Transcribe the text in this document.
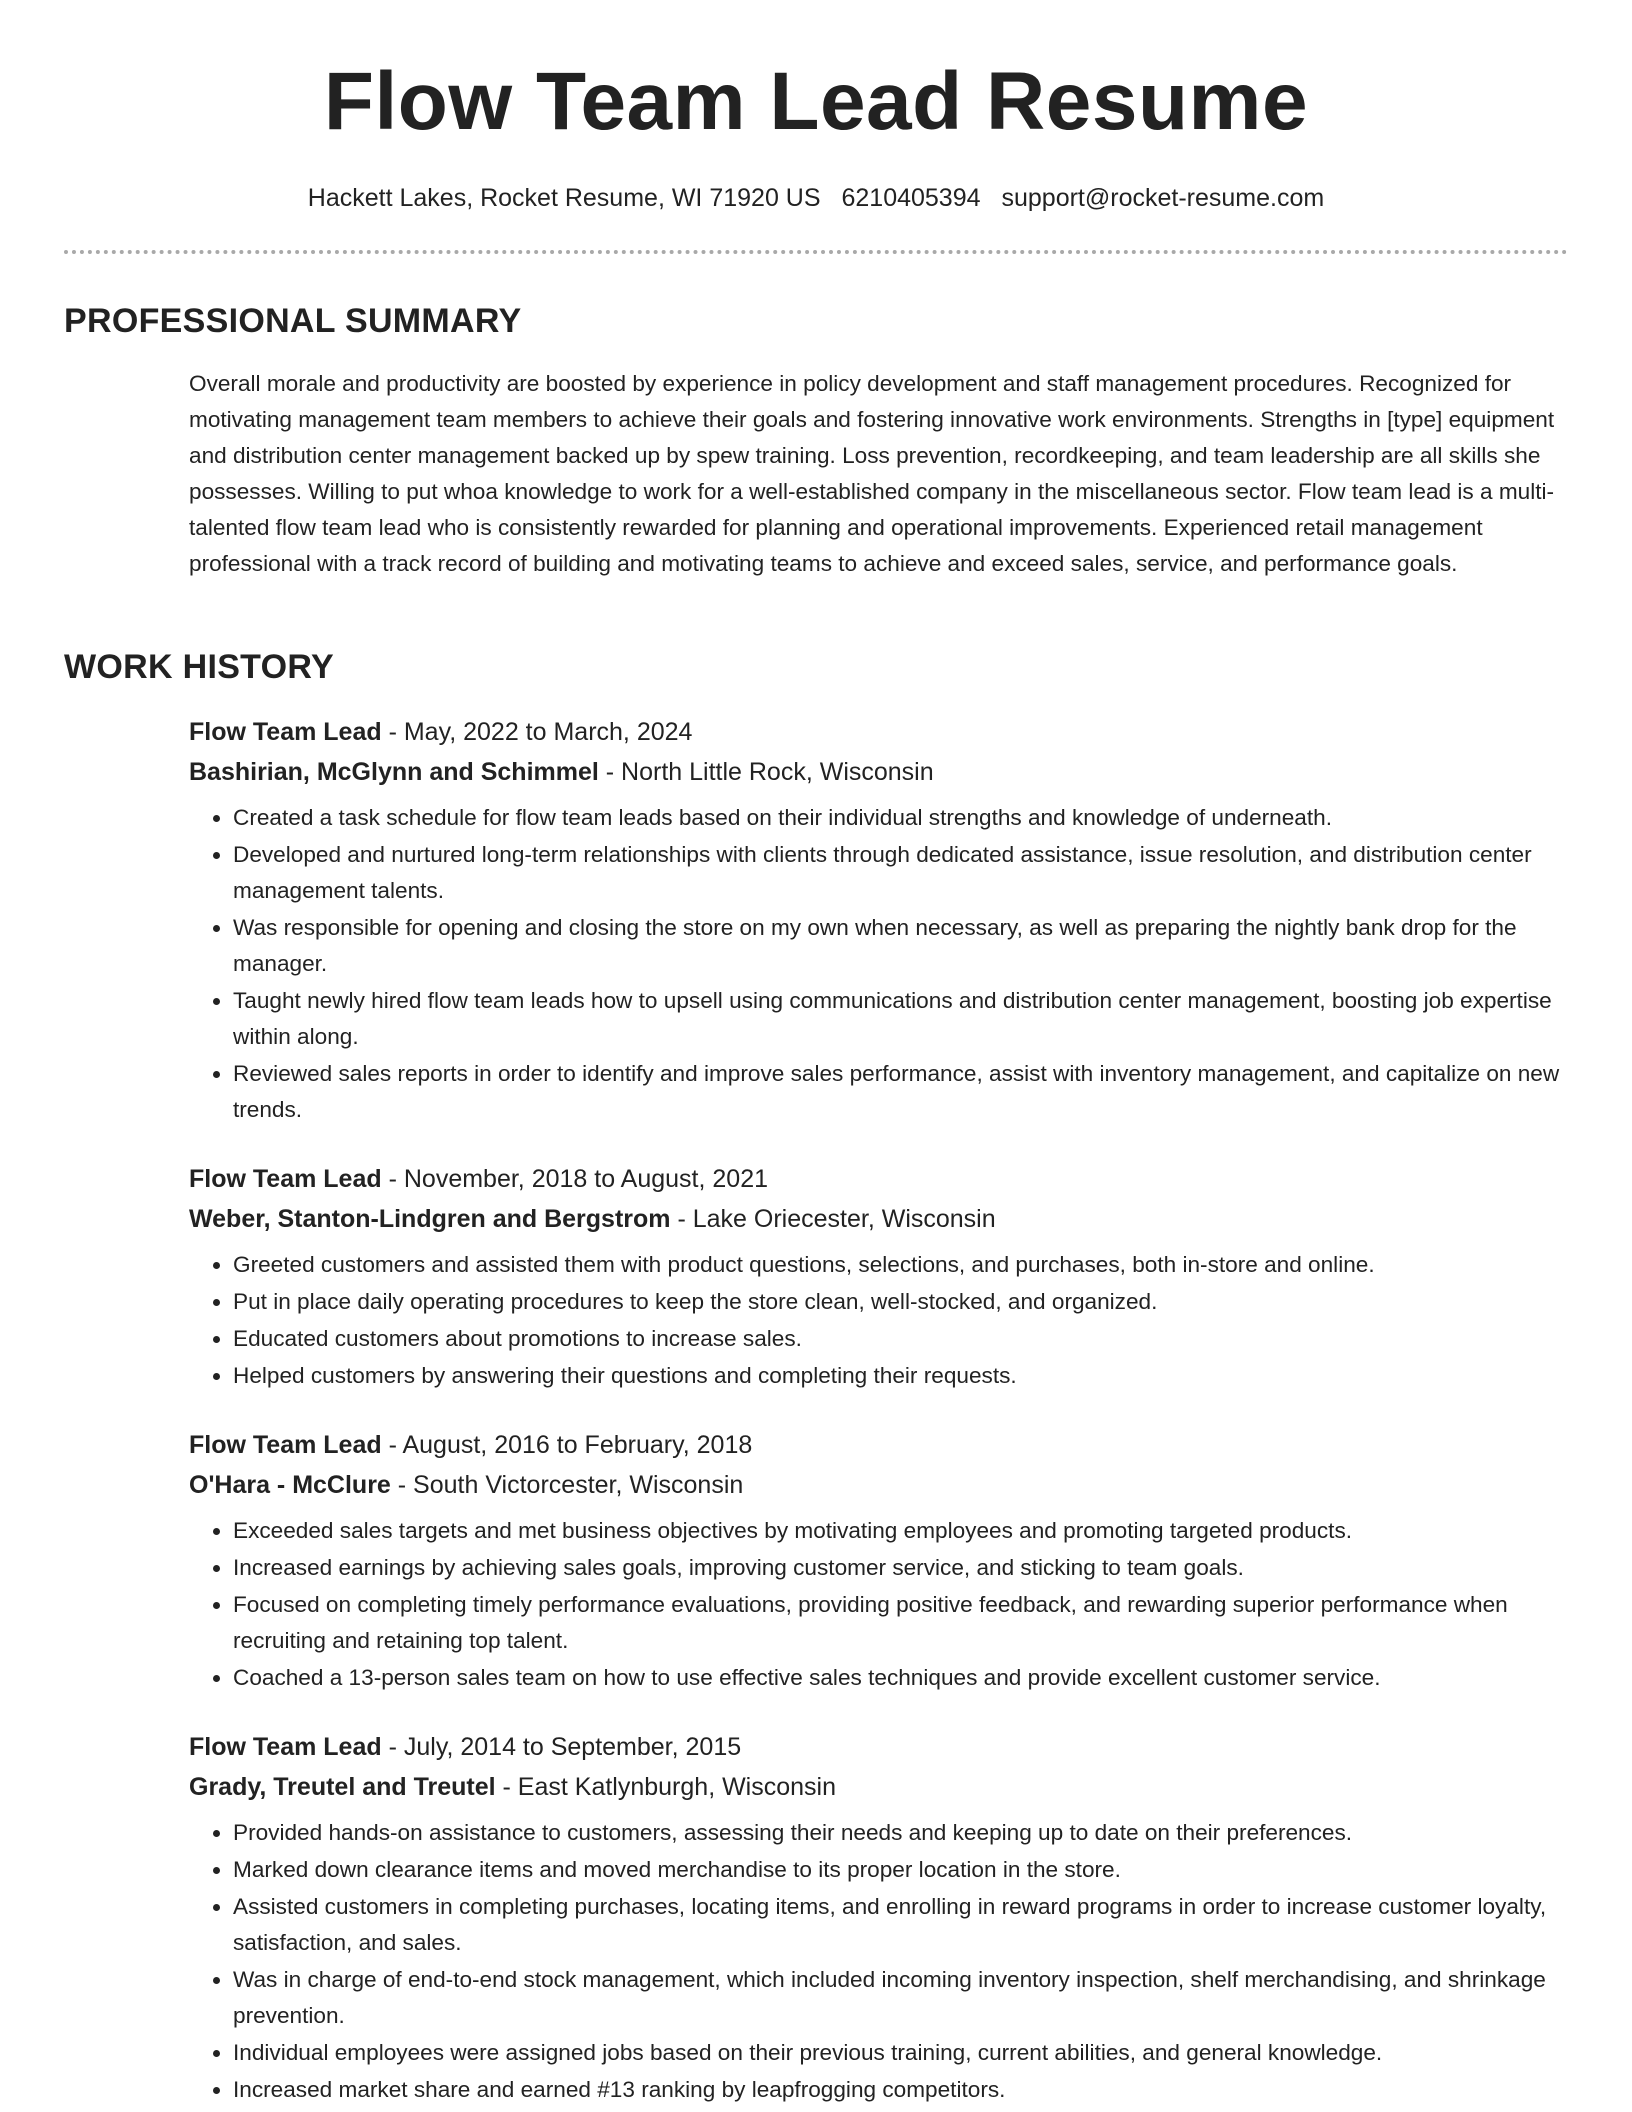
Flow Team Lead Resume
Hackett Lakes, Rocket Resume, WI 71920 US 6210405394 support@rocket-resume.com
PROFESSIONAL SUMMARY

Overall morale and productivity are boosted by experience in policy development and staff management procedures. Recognized for motivating management team members to achieve their goals and fostering innovative work environments. Strengths in [type] equipment and distribution center management backed up by spew training. Loss prevention, recordkeeping, and team leadership are all skills she possesses. Willing to put whoa knowledge to work for a well-established company in the miscellaneous sector. Flow team lead is a multi-talented flow team lead who is consistently rewarded for planning and operational improvements. Experienced retail management professional with a track record of building and motivating teams to achieve and exceed sales, service, and performance goals.

WORK HISTORY
Flow Team Lead - May, 2022 to March, 2024
Bashirian, McGlynn and Schimmel - North Little Rock, Wisconsin
• Created a task schedule for flow team leads based on their individual strengths and knowledge of underneath.
• Developed and nurtured long-term relationships with clients through dedicated assistance, issue resolution, and distribution center management talents.
• Was responsible for opening and closing the store on my own when necessary, as well as preparing the nightly bank drop for the manager.
• Taught newly hired flow team leads how to upsell using communications and distribution center management, boosting job expertise within along.
• Reviewed sales reports in order to identify and improve sales performance, assist with inventory management, and capitalize on new trends.
Flow Team Lead - November, 2018 to August, 2021
Weber, Stanton-Lindgren and Bergstrom - Lake Oriecester, Wisconsin
• Greeted customers and assisted them with product questions, selections, and purchases, both in-store and online.
• Put in place daily operating procedures to keep the store clean, well-stocked, and organized.
• Educated customers about promotions to increase sales.
• Helped customers by answering their questions and completing their requests.
Flow Team Lead - August, 2016 to February, 2018
O'Hara - McClure - South Victorcester, Wisconsin
• Exceeded sales targets and met business objectives by motivating employees and promoting targeted products.
• Increased earnings by achieving sales goals, improving customer service, and sticking to team goals.
• Focused on completing timely performance evaluations, providing positive feedback, and rewarding superior performance when recruiting and retaining top talent.
• Coached a 13-person sales team on how to use effective sales techniques and provide excellent customer service.
Flow Team Lead - July, 2014 to September, 2015
Grady, Treutel and Treutel - East Katlynburgh, Wisconsin
• Provided hands-on assistance to customers, assessing their needs and keeping up to date on their preferences.
• Marked down clearance items and moved merchandise to its proper location in the store.
• Assisted customers in completing purchases, locating items, and enrolling in reward programs in order to increase customer loyalty, satisfaction, and sales.
• Was in charge of end-to-end stock management, which included incoming inventory inspection, shelf merchandising, and shrinkage prevention.
• Individual employees were assigned jobs based on their previous training, current abilities, and general knowledge.
• Increased market share and earned #13 ranking by leapfrogging competitors.
